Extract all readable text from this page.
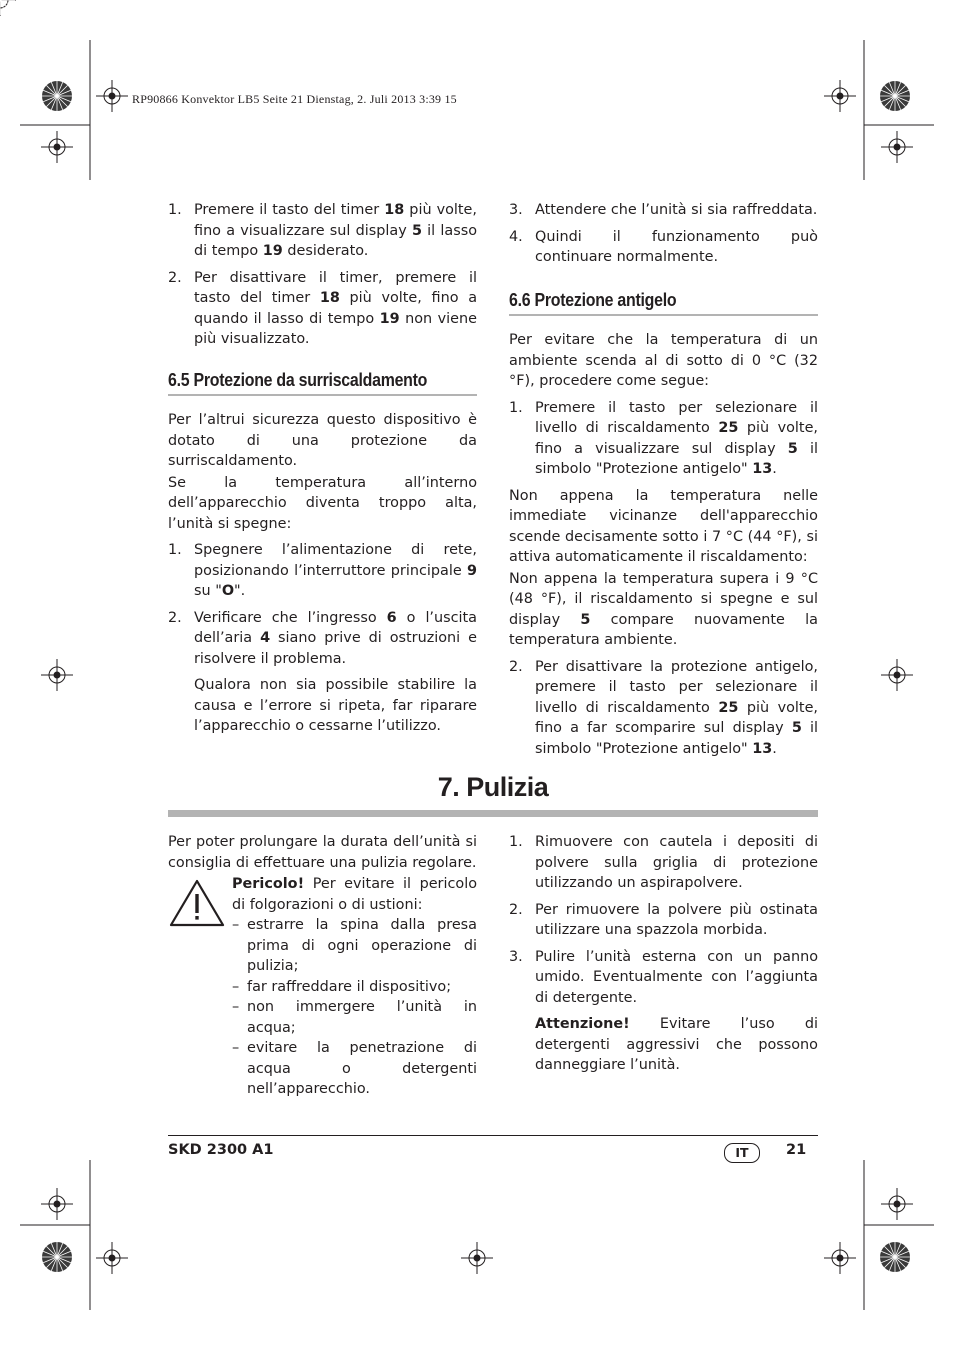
RP90866 Konvektor LB5 Seite 21 Dienstag, 2. Juli 2013 3:39 15
1. Premere il tasto del timer 18 più volte, fino a visualizzare sul display 5 il lasso di tempo 19 desiderato.
2. Per disattivare il timer, premere il tasto del timer 18 più volte, fino a quando il lasso di tempo 19 non viene più visualizzato.
6.5 Protezione da surriscaldamento

Per l’altrui sicurezza questo dispositivo è dotato di una protezione da surriscaldamento.

Se la temperatura all’interno dell’apparecchio diventa troppo alta, l’unità si spegne:

1. Spegnere l’alimentazione di rete, posizionando l’interruttore principale 9 su "O".
2. Verificare che l’ingresso 6 o l’uscita dell’aria 4 siano prive di ostruzioni e risolvere il problema.

Qualora non sia possibile stabilire la causa e l’errore si ripeta, far riparare l’apparecchio o cessarne l’utilizzo.

3. Attendere che l’unità si sia raffreddata.
4. Quindi il funzionamento può continuare normalmente.
6.6 Protezione antigelo

Per evitare che la temperatura di un ambiente scenda al di sotto di 0 °C (32 °F), procedere come segue:

1. Premere il tasto per selezionare il livello di riscaldamento 25 più volte, fino a visualizzare sul display 5 il simbolo "Protezione antigelo" 13.

Non appena la temperatura nelle immediate vicinanze dell'apparecchio scende decisamente sotto i 7 °C (44 °F), si attiva automaticamente il riscaldamento:

Non appena la temperatura supera i 9 °C (48 °F), il riscaldamento si spegne e sul display 5 compare nuovamente la temperatura ambiente.

2. Per disattivare la protezione antigelo, premere il tasto per selezionare il livello di riscaldamento 25 più volte, fino a far scomparire sul display 5 il simbolo "Protezione antigelo" 13.
7. Pulizia

Per poter prolungare la durata dell’unità si consiglia di effettuare una pulizia regolare.

Pericolo! Per evitare il pericolo di folgorazioni o di ustioni:

– estrarre la spina dalla presa prima di ogni operazione di pulizia;
– far raffreddare il dispositivo;
– non immergere l’unità in acqua;
– evitare la penetrazione di acqua o detergenti nell’apparecchio.
1. Rimuovere con cautela i depositi di polvere sulla griglia di protezione utilizzando un aspirapolvere.
2. Per rimuovere la polvere più ostinata utilizzare una spazzola morbida.
3. Pulire l’unità esterna con un panno umido. Eventualmente con l’aggiunta di detergente.

Attenzione! Evitare l’uso di detergenti aggressivi che possono danneggiare l’unità.

SKD 2300 A1	IT	21
